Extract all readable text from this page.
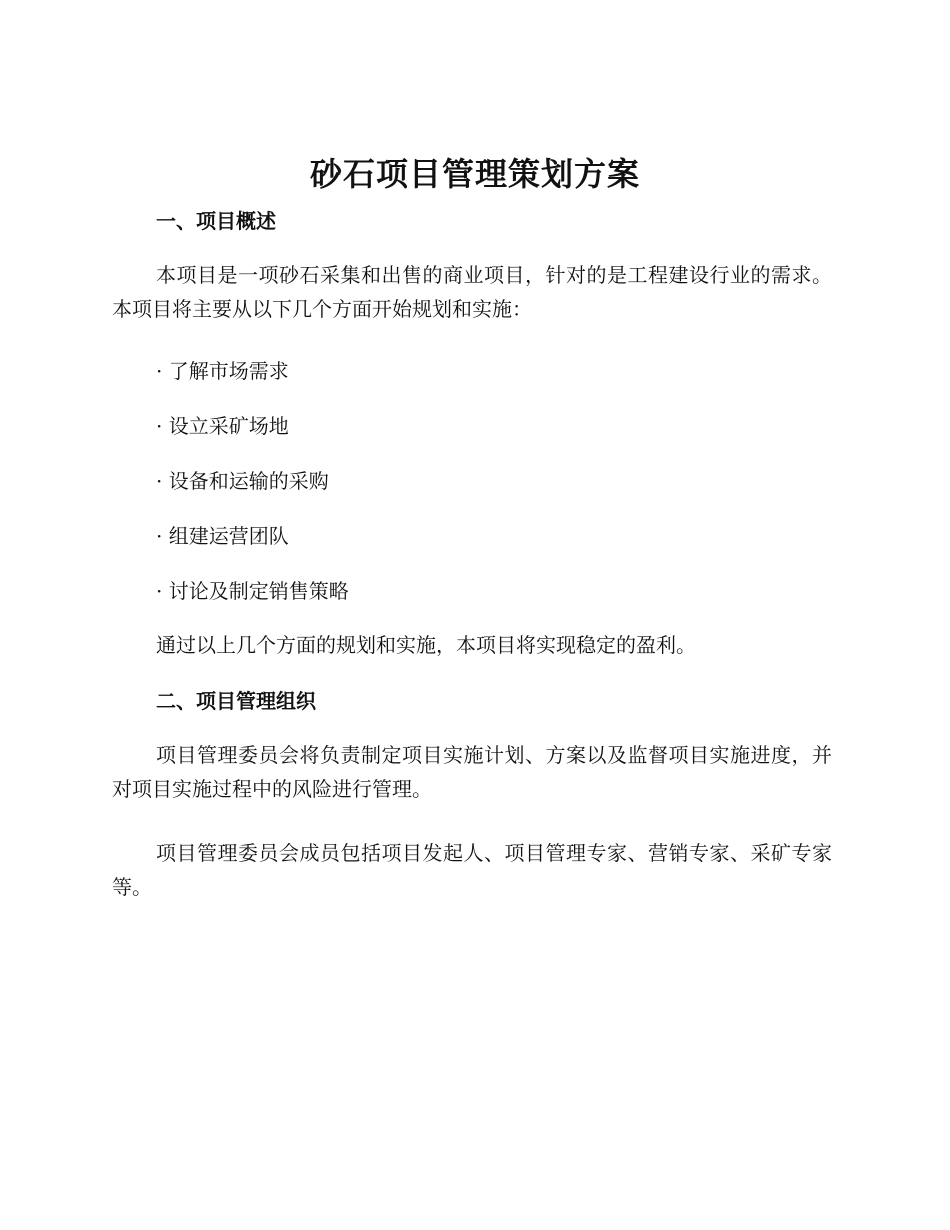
砂石项目管理策划方案
一、项目概述

本项目是一项砂石采集和出售的商业项目，针对的是工程建设行业的需求。本项目将主要从以下几个方面开始规划和实施：

· 了解市场需求

· 设立采矿场地

· 设备和运输的采购

· 组建运营团队

· 讨论及制定销售策略

通过以上几个方面的规划和实施，本项目将实现稳定的盈利。

二、项目管理组织

项目管理委员会将负责制定项目实施计划、方案以及监督项目实施进度，并对项目实施过程中的风险进行管理。

项目管理委员会成员包括项目发起人、项目管理专家、营销专家、采矿专家等。
